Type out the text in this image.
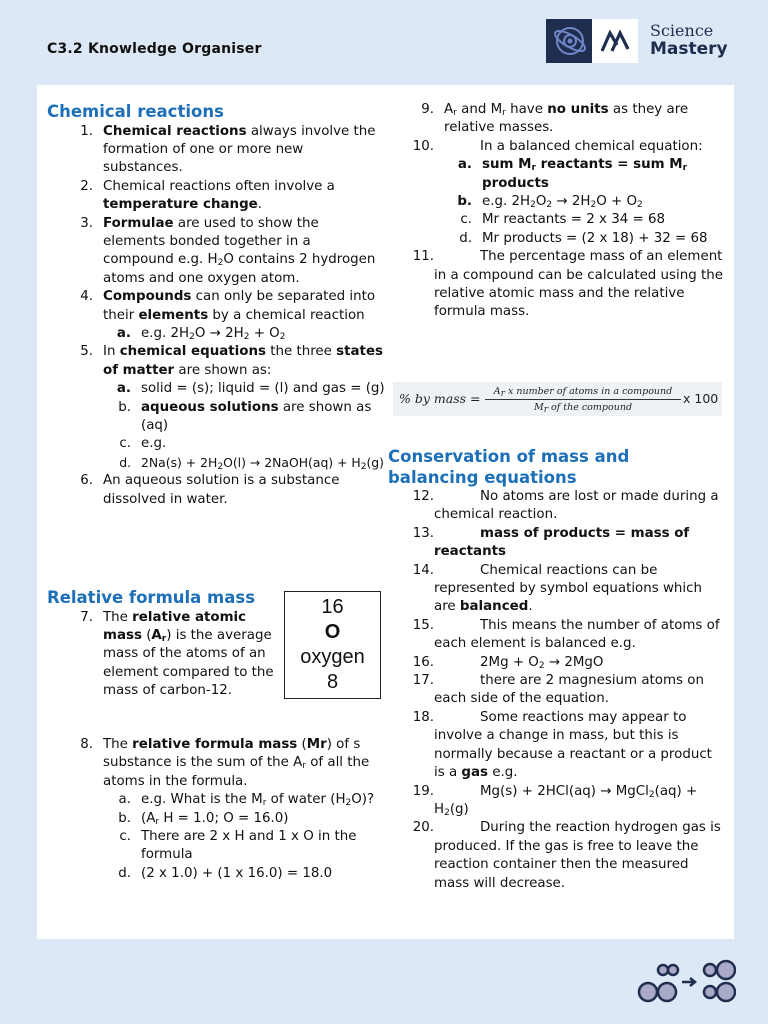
C3.2 Knowledge Organiser
Science
Mastery
Chemical reactions
1. Chemical reactions always involve the formation of one or more new substances.
2. Chemical reactions often involve a temperature change.
3. Formulae are used to show the elements bonded together in a compound e.g. $H_2O$ contains 2 hydrogen atoms and one oxygen atom.
4. Compounds can only be separated into their elements by a chemical reaction
a. e.g. $2H_2O \to 2H_2 + O_2$
5. In chemical equations the three states of matter are shown as:
a. solid = (s); liquid = (l) and gas = (g)
b. aqueous solutions are shown as (aq)
c. e.g.
d. $2Na(s) + 2H_2O(l)$ → 2NaOH(aq) + $H_2(g)$
6. An aqueous solution is a substance dissolved in water.
Relative formula mass
7. The relative atomic mass $(A_r)$ is the average mass of the atoms of an element compared to the mass of carbon-12.
8. The relative formula mass (Mr) of s substance is the sum of the $A_r$ of all the atoms in the formula.
a. e.g. What is the $M_r$ of water $(H_2O)$?
b. ($A_r$ H = 1.0; O = 16.0)
c. There are 2 x H and 1 x O in the formula
d. (2 x 1.0) + (1 x 16.0) = 18.0
16
O
oxygen
8
9. $A_r$ and $M_r$ have no units as they are relative masses.
10.	In a balanced chemical equation:
a. sum $M_r$ reactants = sum $M_r$ products
b. e.g. $2H_2O_2 \to 2H_2O + O_2$
c. Mr reactants = 2 x 34 = 68
d. Mr products = (2 x 18) + 32 = 68
11.	The percentage mass of an element in a compound can be calculated using the relative atomic mass and the relative formula mass.
% by mass =	$A_r$ x number of atoms in a compound
$M_r$ of the compound
x 100
Conservation of mass and balancing equations
12.	No atoms are lost or made during a chemical reaction.
13.	mass of products = mass of reactants
14.	Chemical reactions can be represented by symbol equations which are balanced.
15.	This means the number of atoms of each element is balanced e.g.
16.	$2Mg + O_2 \to 2MgO$
17.	there are 2 magnesium atoms on each side of the equation.
18.	Some reactions may appear to involve a change in mass, but this is normally because a reactant or a product is a gas e.g.
19.	Mg(s) + 2HCl(aq) → MgCl$_2$(aq) + $H_2(g)$
20.	During the reaction hydrogen gas is produced. If the gas is free to leave the reaction container then the measured mass will decrease.
